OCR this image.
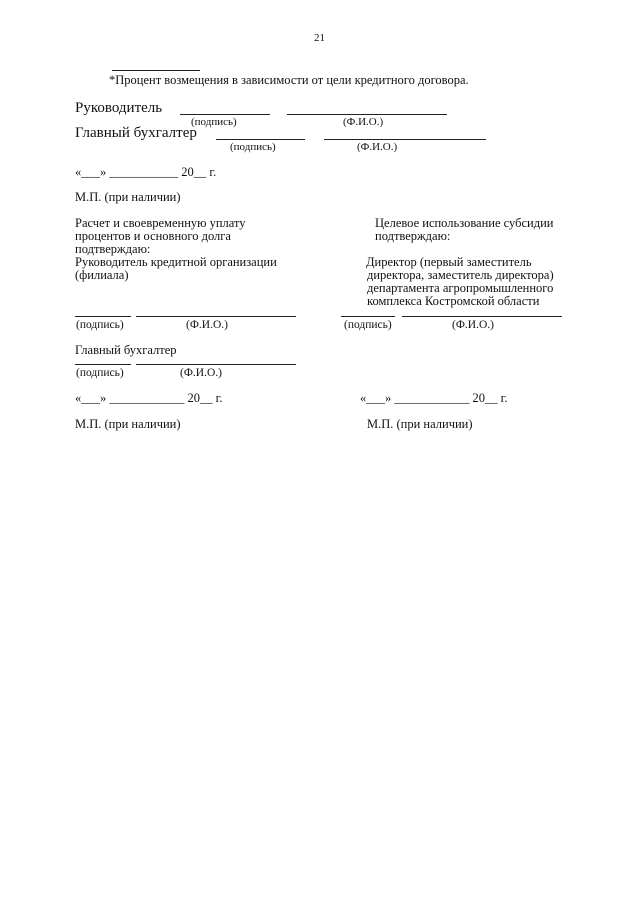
21
*Процент возмещения в зависимости от цели кредитного договора.
Руководитель
(подпись)	(Ф.И.О.)
Главный бухгалтер
(подпись)	(Ф.И.О.)
«___» ___________ 20__ г.
М.П. (при наличии)
Расчет и своевременную уплату
процентов и основного долга
подтверждаю:
Руководитель кредитной организации
(филиала)
(подпись)	(Ф.И.О.)
Главный бухгалтер
(подпись)	(Ф.И.О.)
«___» ____________ 20__ г.
М.П. (при наличии)
Целевое использование субсидии
подтверждаю:
Директор (первый заместитель
директора, заместитель директора)
департамента агропромышленного
комплекса Костромской области
(подпись)	(Ф.И.О.)
«___» ____________ 20__ г.
М.П. (при наличии)
